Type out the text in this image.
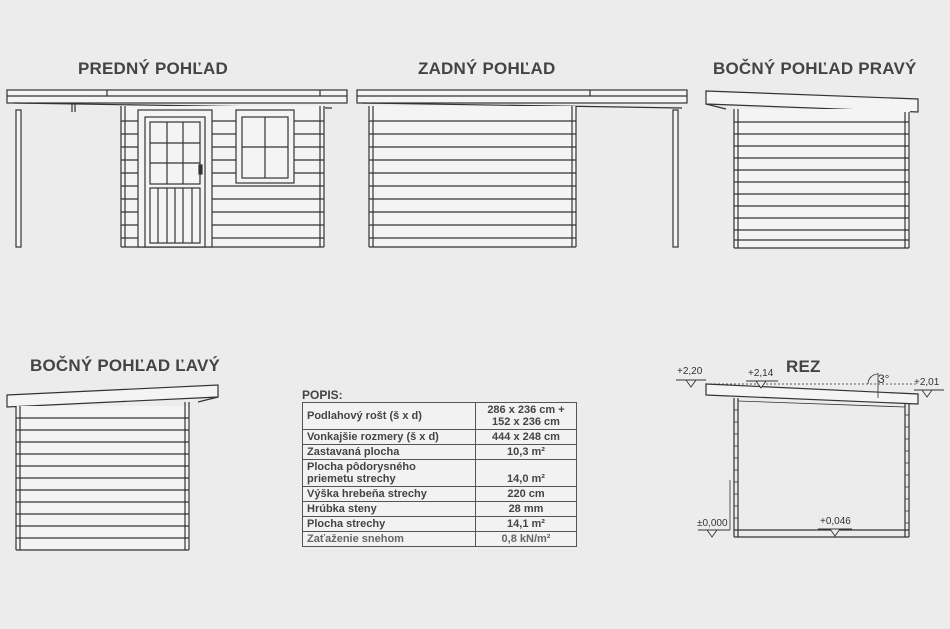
PREDNÝ POHĽAD	ZADNÝ POHĽAD	BOČNÝ POHĽAD PRAVÝ
BOČNÝ POHĽAD ĽAVÝ	REZ
+2,20	+2,14
+2,01
±0,000	+0,046
3°
POPIS:
Podlahový rošt (š x d)	286 x 236 cm +
152 x 236 cm
Vonkajšie rozmery (š x d)	444 x 248 cm
Zastavaná plocha	10,3 m²
Plocha pôdorysného
priemetu strechy	14,0 m²
Výška hrebeňa strechy	220 cm
Hrúbka steny	28 mm
Plocha strechy	14,1 m²
Zaťaženie snehom	0,8 kN/m²
